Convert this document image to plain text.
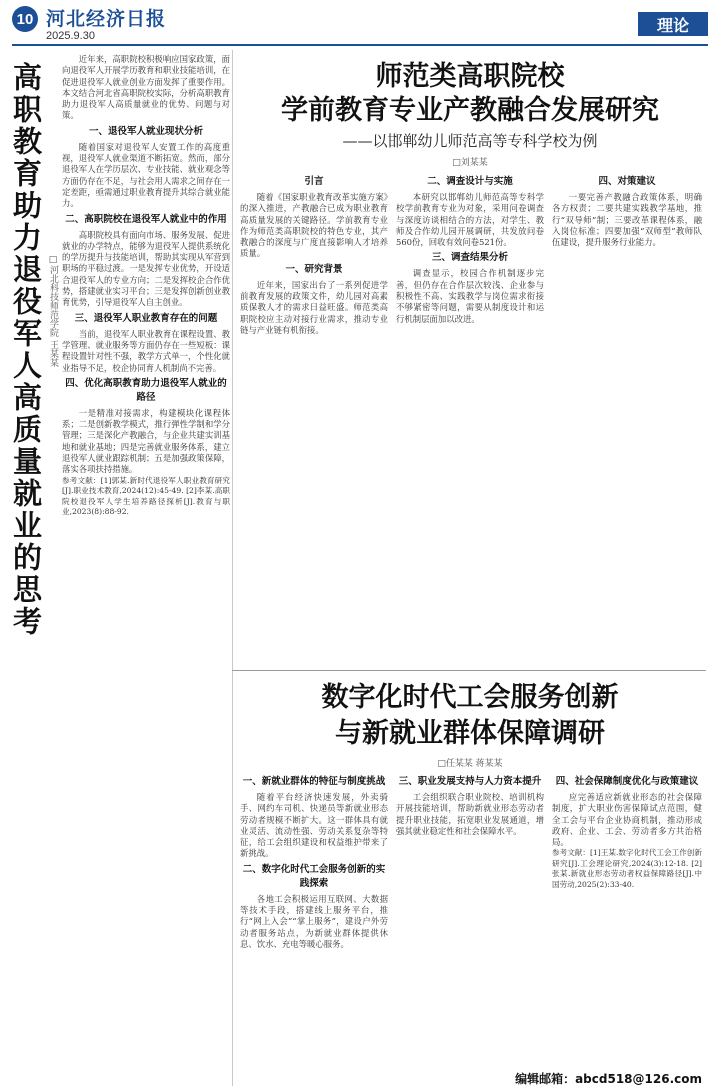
10 河北经济日报
2025.9.30
理论
高职教育助力退役军人高质量就业的思考 □河北科技师范学院 王某某

近年来，高职院校积极响应国家政策，面向退役军人开展学历教育和职业技能培训，在促进退役军人就业创业方面发挥了重要作用。本文结合河北省高职院校实际，分析高职教育助力退役军人高质量就业的优势、问题与对策。

一、退役军人就业现状分析

随着国家对退役军人安置工作的高度重视，退役军人就业渠道不断拓宽。然而，部分退役军人在学历层次、专业技能、就业观念等方面仍存在不足，与社会用人需求之间存在一定差距，亟需通过职业教育提升其综合就业能力。

二、高职院校在退役军人就业中的作用

高职院校具有面向市场、服务发展、促进就业的办学特点，能够为退役军人提供系统化的学历提升与技能培训，帮助其实现从军营到职场的平稳过渡。一是发挥专业优势，开设适合退役军人的专业方向；二是发挥校企合作优势，搭建就业实习平台；三是发挥创新创业教育优势，引导退役军人自主创业。

三、退役军人职业教育存在的问题

当前，退役军人职业教育在课程设置、教学管理、就业服务等方面仍存在一些短板：课程设置针对性不强，教学方式单一，个性化就业指导不足，校企协同育人机制尚不完善。

四、优化高职教育助力退役军人就业的路径

一是精准对接需求，构建模块化课程体系；二是创新教学模式，推行弹性学制和学分管理；三是深化产教融合，与企业共建实训基地和就业基地；四是完善就业服务体系，建立退役军人就业跟踪机制；五是加强政策保障，落实各项扶持措施。

参考文献：[1]郭某.新时代退役军人职业教育研究[J].职业技术教育,2024(12):45-49. [2]李某.高职院校退役军人学生培养路径探析[J].教育与职业,2023(8):88-92.

师范类高职院校
学前教育专业产教融合发展研究
——以邯郸幼儿师范高等专科学校为例
□刘某某
引言

随着《国家职业教育改革实施方案》的深入推进，产教融合已成为职业教育高质量发展的关键路径。学前教育专业作为师范类高职院校的特色专业，其产教融合的深度与广度直接影响人才培养质量。

一、研究背景

近年来，国家出台了一系列促进学前教育发展的政策文件，幼儿园对高素质保教人才的需求日益旺盛。师范类高职院校应主动对接行业需求，推动专业链与产业链有机衔接。

二、调查设计与实施

本研究以邯郸幼儿师范高等专科学校学前教育专业为对象，采用问卷调查与深度访谈相结合的方法，对学生、教师及合作幼儿园开展调研，共发放问卷560份，回收有效问卷521份。

三、调查结果分析

调查显示，校园合作机制逐步完善，但仍存在合作层次较浅、企业参与积极性不高、实践教学与岗位需求衔接不够紧密等问题，需要从制度设计和运行机制层面加以改进。

四、对策建议

一要完善产教融合政策体系，明确各方权责；二要共建实践教学基地，推行“双导师”制；三要改革课程体系，融入岗位标准；四要加强“双师型”教师队伍建设，提升服务行业能力。

数字化时代工会服务创新
与新就业群体保障调研
□任某某 蒋某某
一、新就业群体的特征与制度挑战

随着平台经济快速发展，外卖骑手、网约车司机、快递员等新就业形态劳动者规模不断扩大。这一群体具有就业灵活、流动性强、劳动关系复杂等特征，给工会组织建设和权益维护带来了新挑战。

二、数字化时代工会服务创新的实践探索

各地工会积极运用互联网、大数据等技术手段，搭建线上服务平台，推行“网上入会”“掌上服务”，建设户外劳动者服务站点，为新就业群体提供休息、饮水、充电等暖心服务。

三、职业发展支持与人力资本提升

工会组织联合职业院校、培训机构开展技能培训，帮助新就业形态劳动者提升职业技能，拓宽职业发展通道，增强其就业稳定性和社会保障水平。

四、社会保障制度优化与政策建议

应完善适应新就业形态的社会保障制度，扩大职业伤害保障试点范围，健全工会与平台企业协商机制，推动形成政府、企业、工会、劳动者多方共治格局。

参考文献：[1]王某.数字化时代工会工作创新研究[J].工会理论研究,2024(3):12-18. [2]张某.新就业形态劳动者权益保障路径[J].中国劳动,2025(2):33-40.

编辑邮箱：abcd518@126.com
